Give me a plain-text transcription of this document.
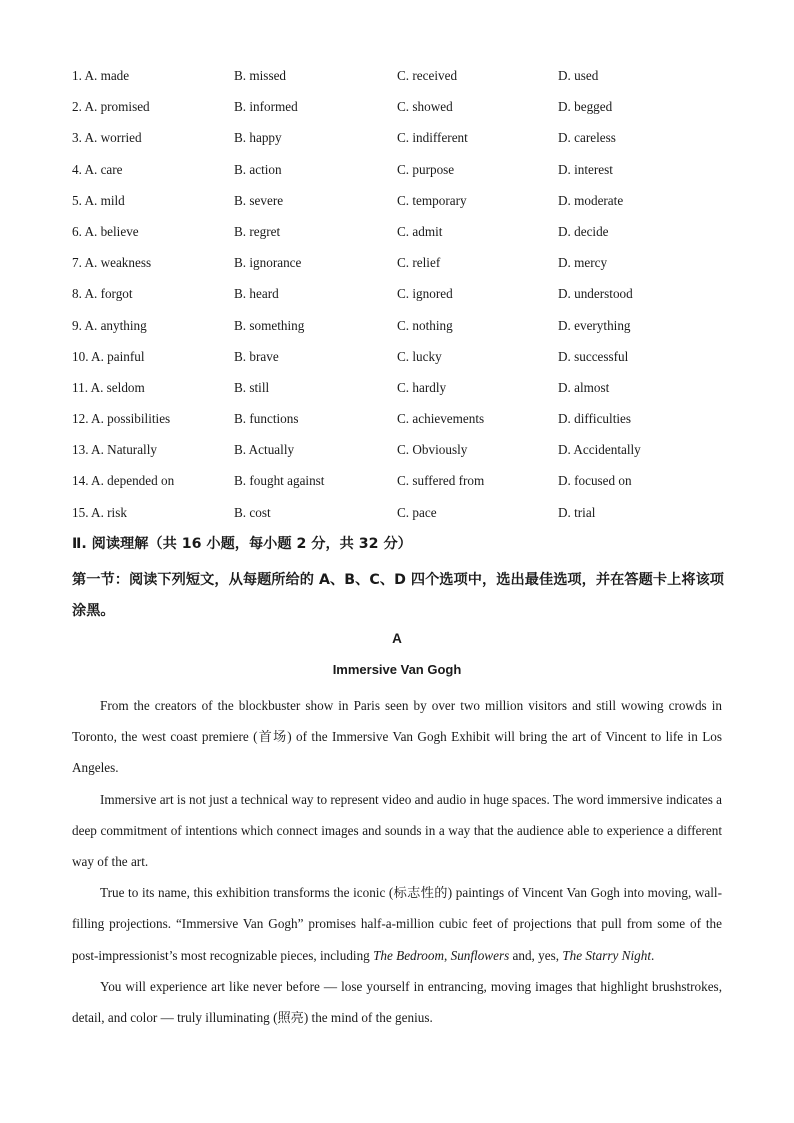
1. A. made	B. missed	C. received	D. used
2. A. promised	B. informed	C. showed	D. begged
3. A. worried	B. happy	C. indifferent	D. careless
4. A. care	B. action	C. purpose	D. interest
5. A. mild	B. severe	C. temporary	D. moderate
6. A. believe	B. regret	C. admit	D. decide
7. A. weakness	B. ignorance	C. relief	D. mercy
8. A. forgot	B. heard	C. ignored	D. understood
9. A. anything	B. something	C. nothing	D. everything
10. A. painful	B. brave	C. lucky	D. successful
11. A. seldom	B. still	C. hardly	D. almost
12. A. possibilities	B. functions	C. achievements	D. difficulties
13. A. Naturally	B. Actually	C. Obviously	D. Accidentally
14. A. depended on	B. fought against	C. suffered from	D. focused on
15. A. risk	B. cost	C. pace	D. trial
Ⅱ. 阅读理解（共 16 小题，每小题 2 分，共 32 分）
第一节：阅读下列短文，从每题所给的 A、B、C、D 四个选项中，选出最佳选项，并在答题卡上将该项涂黑。
A
Immersive Van Gogh

From the creators of the blockbuster show in Paris seen by over two million visitors and still wowing crowds in Toronto, the west coast premiere (首场) of the Immersive Van Gogh Exhibit will bring the art of Vincent to life in Los Angeles.

Immersive art is not just a technical way to represent video and audio in huge spaces. The word immersive indicates a deep commitment of intentions which connect images and sounds in a way that the audience able to experience a different way of the art.

True to its name, this exhibition transforms the iconic (标志性的) paintings of Vincent Van Gogh into moving, wall-filling projections. “Immersive Van Gogh” promises half-a-million cubic feet of projections that pull from some of the post-impressionist’s most recognizable pieces, including The Bedroom, Sunflowers and, yes, The Starry Night.

You will experience art like never before — lose yourself in entrancing, moving images that highlight brushstrokes, detail, and color — truly illuminating (照亮) the mind of the genius.
